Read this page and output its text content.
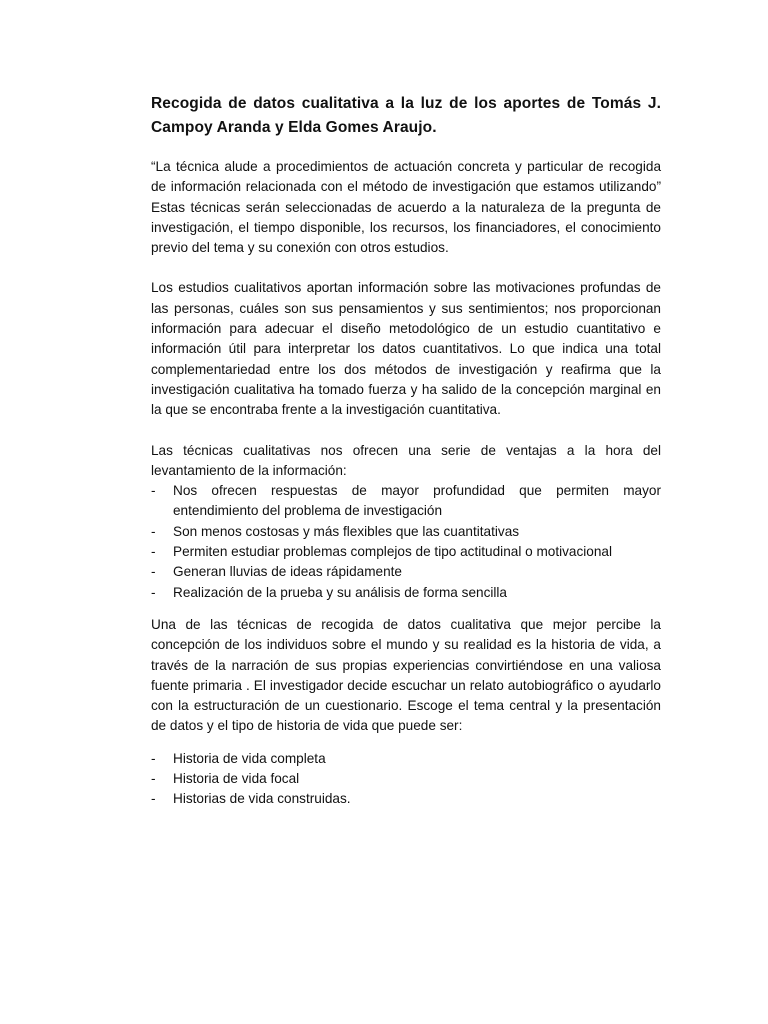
Recogida de datos cualitativa a la luz de los aportes de Tomás J. Campoy Aranda y Elda Gomes Araujo.

“La técnica alude a procedimientos de actuación concreta y particular de recogida de información relacionada con el método de investigación que estamos utilizando” Estas técnicas serán seleccionadas de acuerdo a la naturaleza de la pregunta de investigación, el tiempo disponible, los recursos, los financiadores, el conocimiento previo del tema y su conexión con otros estudios.

Los estudios cualitativos aportan información sobre las motivaciones profundas de las personas, cuáles son sus pensamientos y sus sentimientos; nos proporcionan información para adecuar el diseño metodológico de un estudio cuantitativo e información útil para interpretar los datos cuantitativos. Lo que indica una total complementariedad entre los dos métodos de investigación y reafirma que la investigación cualitativa ha tomado fuerza y ha salido de la concepción marginal en la que se encontraba frente a la investigación cuantitativa.

Las técnicas cualitativas nos ofrecen una serie de ventajas a la hora del levantamiento de la información:

- Nos ofrecen respuestas de mayor profundidad que permiten mayor entendimiento del problema de investigación
- Son menos costosas y más flexibles que las cuantitativas
- Permiten estudiar problemas complejos de tipo actitudinal o motivacional
- Generan lluvias de ideas rápidamente
- Realización de la prueba y su análisis de forma sencilla

Una de las técnicas de recogida de datos cualitativa que mejor percibe la concepción de los individuos sobre el mundo y su realidad es la historia de vida, a través de la narración de sus propias experiencias convirtiéndose en una valiosa fuente primaria . El investigador decide escuchar un relato autobiográfico o ayudarlo con la estructuración de un cuestionario. Escoge el tema central y la presentación de datos y el tipo de historia de vida que puede ser:

- Historia de vida completa
- Historia de vida focal
- Historias de vida construidas.
